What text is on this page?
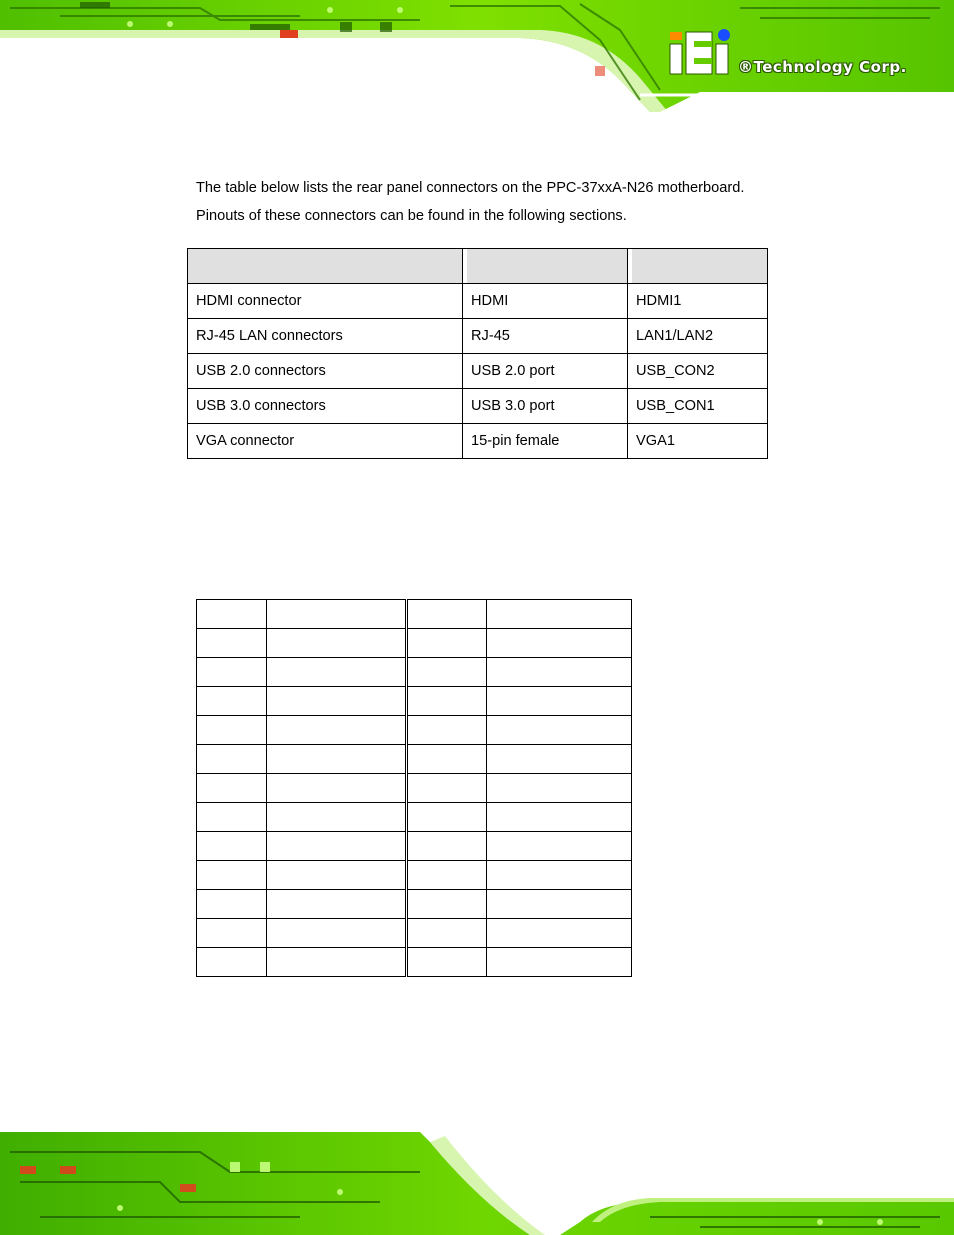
®Technology Corp.

The table below lists the rear panel connectors on the PPC-37xxA-N26 motherboard.

Pinouts of these connectors can be found in the following sections.

HDMI connector	HDMI	HDMI1
RJ-45 LAN connectors	RJ-45	LAN1/LAN2
USB 2.0 connectors	USB 2.0 port	USB_CON2
USB 3.0 connectors	USB 3.0 port	USB_CON1
VGA connector	15-pin female	VGA1
